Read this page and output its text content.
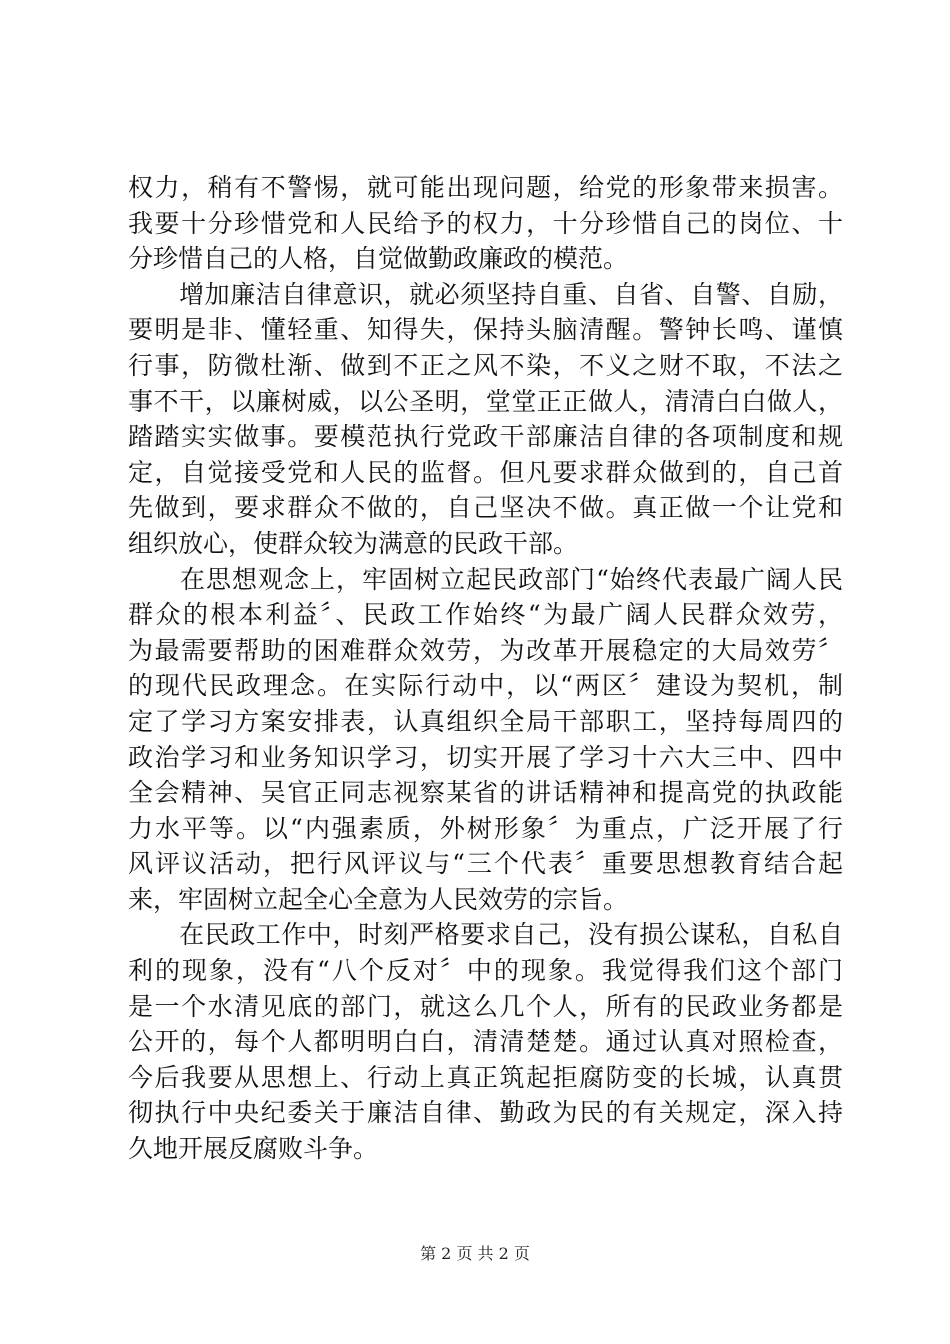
权力，稍有不警惕，就可能出现问题，给党的形象带来损害。
我要十分珍惜党和人民给予的权力，十分珍惜自己的岗位、十
分珍惜自己的人格，自觉做勤政廉政的模范。
　　增加廉洁自律意识，就必须坚持自重、自省、自警、自励，
要明是非、懂轻重、知得失，保持头脑清醒。警钟长鸣、谨慎
行事，防微杜渐、做到不正之风不染，不义之财不取，不法之
事不干，以廉树威，以公圣明，堂堂正正做人，清清白白做人，
踏踏实实做事。要模范执行党政干部廉洁自律的各项制度和规
定，自觉接受党和人民的监督。但凡要求群众做到的，自己首
先做到，要求群众不做的，自己坚决不做。真正做一个让党和
组织放心，使群众较为满意的民政干部。
　　在思想观念上，牢固树立起民政部门“始终代表最广阔人民
群众的根本利益〞、民政工作始终“为最广阔人民群众效劳，
为最需要帮助的困难群众效劳，为改革开展稳定的大局效劳〞
的现代民政理念。在实际行动中，以“两区〞建设为契机，制
定了学习方案安排表，认真组织全局干部职工，坚持每周四的
政治学习和业务知识学习，切实开展了学习十六大三中、四中
全会精神、吴官正同志视察某省的讲话精神和提高党的执政能
力水平等。以“内强素质，外树形象〞为重点，广泛开展了行
风评议活动，把行风评议与“三个代表〞重要思想教育结合起
来，牢固树立起全心全意为人民效劳的宗旨。
　　在民政工作中，时刻严格要求自己，没有损公谋私，自私自
利的现象，没有“八个反对〞中的现象。我觉得我们这个部门
是一个水清见底的部门，就这么几个人，所有的民政业务都是
公开的，每个人都明明白白，清清楚楚。通过认真对照检查，
今后我要从思想上、行动上真正筑起拒腐防变的长城，认真贯
彻执行中央纪委关于廉洁自律、勤政为民的有关规定，深入持
久地开展反腐败斗争。
第 2 页 共 2 页
